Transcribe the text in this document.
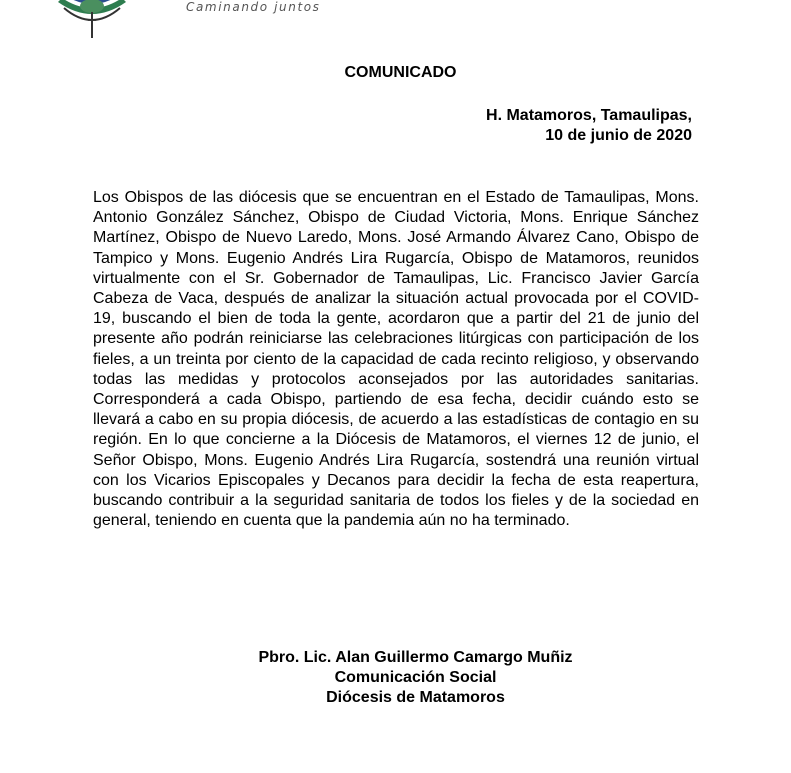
Caminando juntos
COMUNICADO
H. Matamoros, Tamaulipas,
10 de junio de 2020
Los Obispos de las diócesis que se encuentran en el Estado de Tamaulipas, Mons. Antonio González Sánchez, Obispo de Ciudad Victoria, Mons. Enrique Sánchez Martínez, Obispo de Nuevo Laredo, Mons. José Armando Álvarez Cano, Obispo de Tampico y Mons. Eugenio Andrés Lira Rugarcía, Obispo de Matamoros, reunidos virtualmente con el Sr. Gobernador de Tamaulipas, Lic. Francisco Javier García Cabeza de Vaca, después de analizar la situación actual provocada por el COVID-19, buscando el bien de toda la gente, acordaron que a partir del 21 de junio del presente año podrán reiniciarse las celebraciones litúrgicas con participación de los fieles, a un treinta por ciento de la capacidad de cada recinto religioso, y observando todas las medidas y protocolos aconsejados por las autoridades sanitarias. Corresponderá a cada Obispo, partiendo de esa fecha, decidir cuándo esto se llevará a cabo en su propia diócesis, de acuerdo a las estadísticas de contagio en su región. En lo que concierne a la Diócesis de Matamoros, el viernes 12 de junio, el Señor Obispo, Mons. Eugenio Andrés Lira Rugarcía, sostendrá una reunión virtual con los Vicarios Episcopales y Decanos para decidir la fecha de esta reapertura, buscando contribuir a la seguridad sanitaria de todos los fieles y de la sociedad en general, teniendo en cuenta que la pandemia aún no ha terminado.
Pbro. Lic. Alan Guillermo Camargo Muñiz
Comunicación Social
Diócesis de Matamoros
